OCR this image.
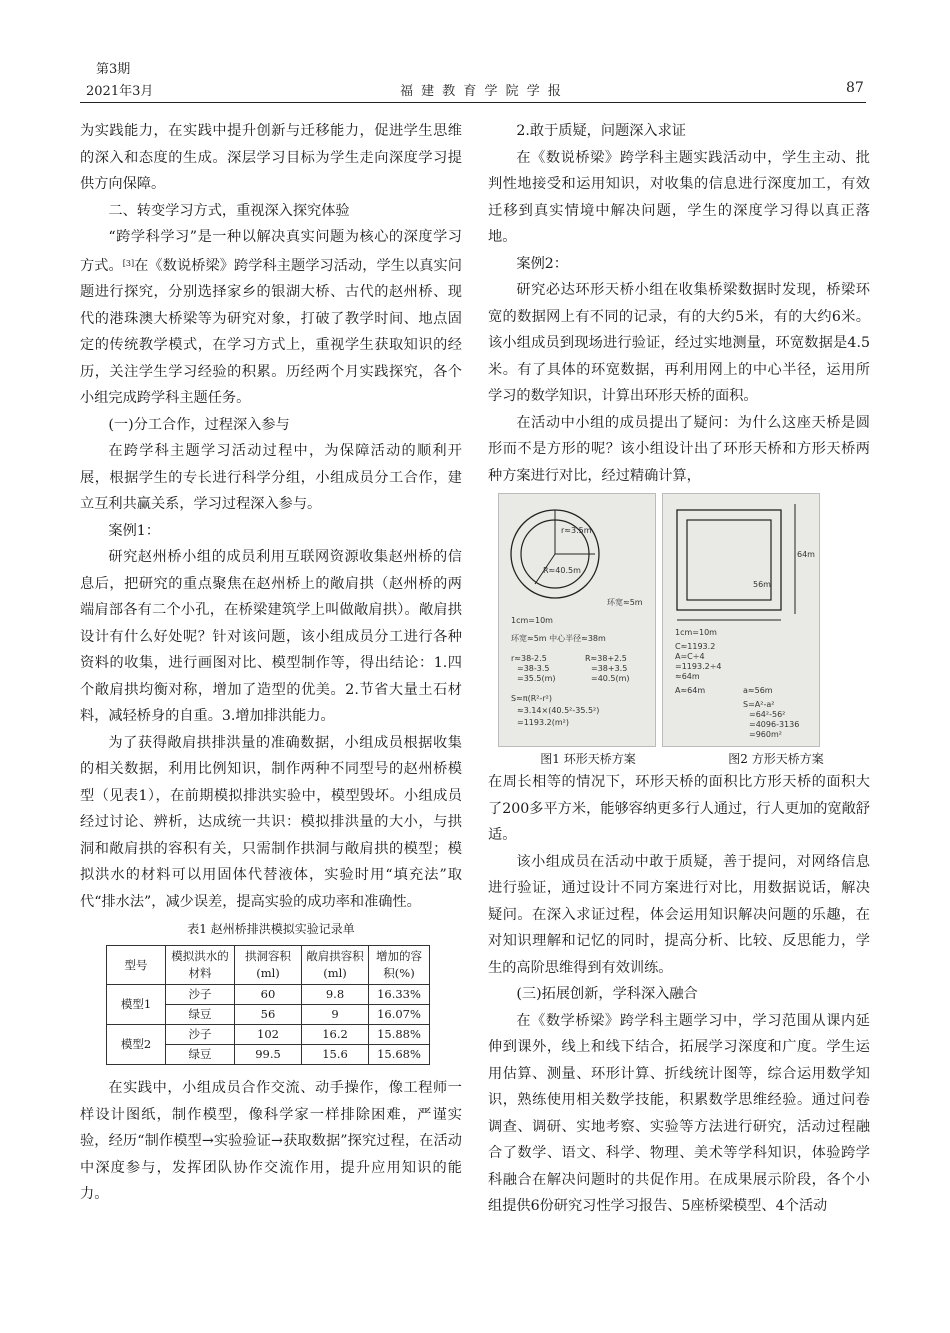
第3期
2021年3月	福 建 教 育 学 院 学 报	87

为实践能力，在实践中提升创新与迁移能力，促进学生思维的深入和态度的生成。深层学习目标为学生走向深度学习提供方向保障。

二、转变学习方式，重视深入探究体验

“跨学科学习”是一种以解决真实问题为核心的深度学习方式。[3]在《数说桥梁》跨学科主题学习活动，学生以真实问题进行探究，分别选择家乡的银湖大桥、古代的赵州桥、现代的港珠澳大桥梁等为研究对象，打破了教学时间、地点固定的传统教学模式，在学习方式上，重视学生获取知识的经历，关注学生学习经验的积累。历经两个月实践探究，各个小组完成跨学科主题任务。

(一)分工合作，过程深入参与

在跨学科主题学习活动过程中，为保障活动的顺利开展，根据学生的专长进行科学分组，小组成员分工合作，建立互利共赢关系，学习过程深入参与。

案例1：

研究赵州桥小组的成员利用互联网资源收集赵州桥的信息后，把研究的重点聚焦在赵州桥上的敞肩拱（赵州桥的两端肩部各有二个小孔，在桥梁建筑学上叫做敞肩拱）。敞肩拱设计有什么好处呢？针对该问题，该小组成员分工进行各种资料的收集，进行画图对比、模型制作等，得出结论：1.四个敞肩拱均衡对称，增加了造型的优美。2.节省大量土石材料，减轻桥身的自重。3.增加排洪能力。

为了获得敞肩拱排洪量的准确数据，小组成员根据收集的相关数据，利用比例知识，制作两种不同型号的赵州桥模型（见表1），在前期模拟排洪实验中，模型毁坏。小组成员经过讨论、辨析，达成统一共识：模拟排洪量的大小，与拱洞和敞肩拱的容积有关，只需制作拱洞与敞肩拱的模型；模拟洪水的材料可以用固体代替液体，实验时用“填充法”取代“排水法”，减少误差，提高实验的成功率和准确性。

表1 赵州桥排洪模拟实验记录单
型号	模拟洪水的材料	拱洞容积(ml)	敞肩拱容积(ml)	增加的容积(%)
模型1	沙子	60	9.8	16.33%
	绿豆	56	9	16.07%
模型2	沙子	102	16.2	15.88%
	绿豆	99.5	15.6	15.68%

在实践中，小组成员合作交流、动手操作，像工程师一样设计图纸，制作模型，像科学家一样排除困难，严谨实验，经历“制作模型→实验验证→获取数据”探究过程，在活动中深度参与，发挥团队协作交流作用，提升应用知识的能力。

2.敢于质疑，问题深入求证

在《数说桥梁》跨学科主题实践活动中，学生主动、批判性地接受和运用知识，对收集的信息进行深度加工，有效迁移到真实情境中解决问题，学生的深度学习得以真正落地。

案例2：

研究必达环形天桥小组在收集桥梁数据时发现，桥梁环宽的数据网上有不同的记录，有的大约5米，有的大约6米。该小组成员到现场进行验证，经过实地测量，环宽数据是4.5米。有了具体的环宽数据，再利用网上的中心半径，运用所学习的数学知识，计算出环形天桥的面积。

在活动中小组的成员提出了疑问：为什么这座天桥是圆形而不是方形的呢？该小组设计出了环形天桥和方形天桥两种方案进行对比，经过精确计算，

r≈3.5m
R≈40.5m
环宽≈5m
1cm=10m
环宽≈5m 中心半径≈38m
r≈38-2.5
=38-3.5
=35.5(m)
R≈38+2.5
=38+3.5
=40.5(m)
S≈π(R²-r²)
≈3.14×(40.5²-35.5²)
=1193.2(m²)
64m
56m
1cm=10m
C≈1193.2
A=C÷4
=1193.2÷4
≈64m
A≈64m	a≈56m
S=A²-a²
=64²-56²
=4096-3136
=960m²
图1 环形天桥方案	图2 方形天桥方案

在周长相等的情况下，环形天桥的面积比方形天桥的面积大了200多平方米，能够容纳更多行人通过，行人更加的宽敞舒适。

该小组成员在活动中敢于质疑，善于提问，对网络信息进行验证，通过设计不同方案进行对比，用数据说话，解决疑问。在深入求证过程，体会运用知识解决问题的乐趣，在对知识理解和记忆的同时，提高分析、比较、反思能力，学生的高阶思维得到有效训练。

(三)拓展创新，学科深入融合

在《数学桥梁》跨学科主题学习中，学习范围从课内延伸到课外，线上和线下结合，拓展学习深度和广度。学生运用估算、测量、环形计算、折线统计图等，综合运用数学知识，熟练使用相关数学技能，积累数学思维经验。通过问卷调查、调研、实地考察、实验等方法进行研究，活动过程融合了数学、语文、科学、物理、美术等学科知识，体验跨学科融合在解决问题时的共促作用。在成果展示阶段，各个小组提供6份研究习性学习报告、5座桥梁模型、4个活动
